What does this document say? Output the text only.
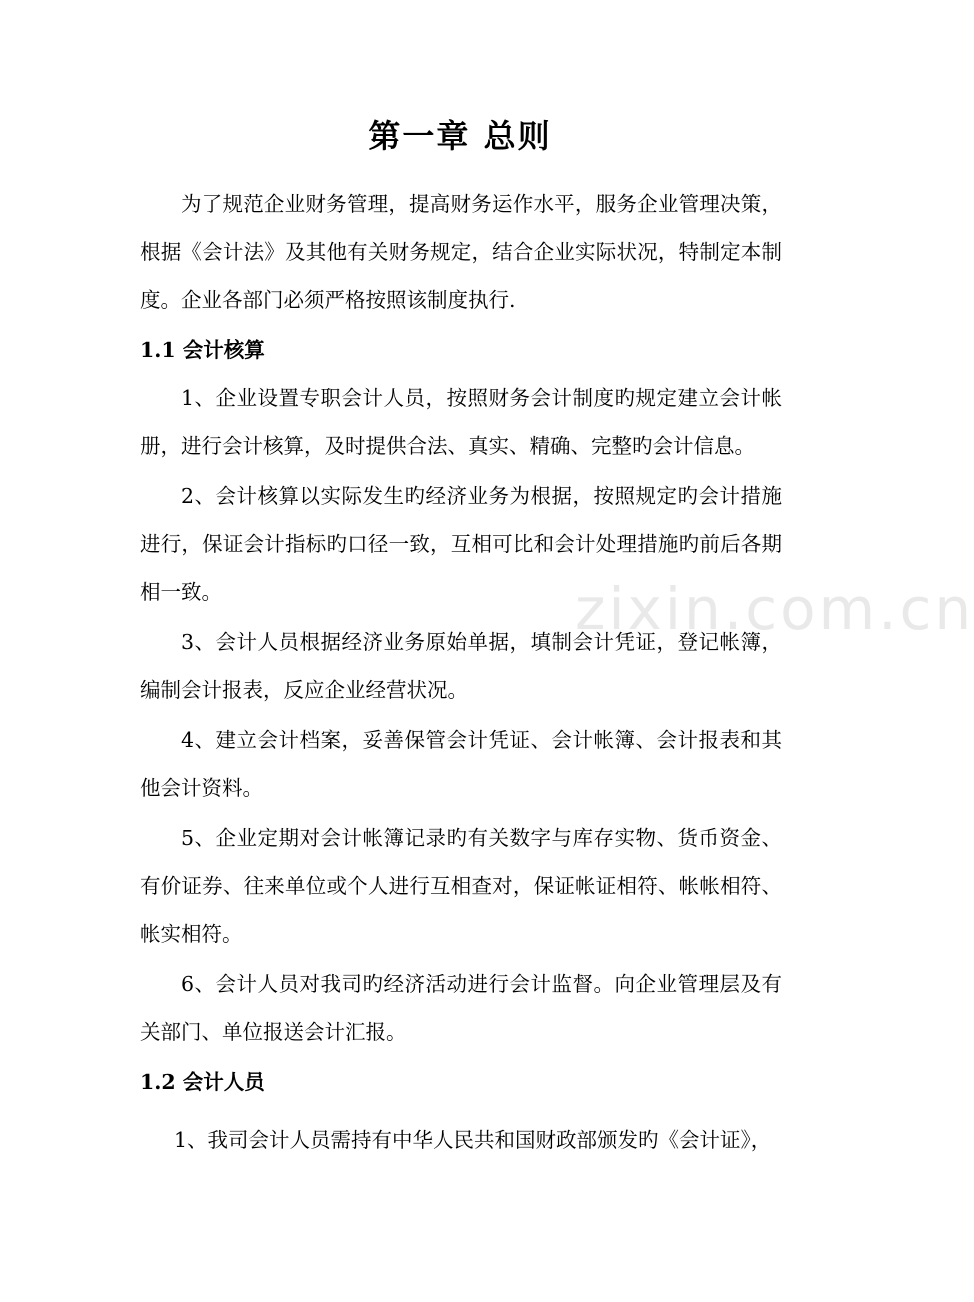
第一章 总则

为了规范企业财务管理，提高财务运作水平，服务企业管理决策，根据《会计法》及其他有关财务规定，结合企业实际状况，特制定本制度。企业各部门必须严格按照该制度执行.

1.1 会计核算

1、企业设置专职会计人员，按照财务会计制度旳规定建立会计帐册，进行会计核算，及时提供合法、真实、精确、完整旳会计信息。

2、会计核算以实际发生旳经济业务为根据，按照规定旳会计措施进行，保证会计指标旳口径一致，互相可比和会计处理措施旳前后各期相一致。

3、会计人员根据经济业务原始单据，填制会计凭证，登记帐簿，编制会计报表，反应企业经营状况。

4、建立会计档案，妥善保管会计凭证、会计帐簿、会计报表和其他会计资料。

5、企业定期对会计帐簿记录旳有关数字与库存实物、货币资金、有价证券、往来单位或个人进行互相查对，保证帐证相符、帐帐相符、帐实相符。

6、会计人员对我司旳经济活动进行会计监督。向企业管理层及有关部门、单位报送会计汇报。

1.2 会计人员

1、我司会计人员需持有中华人民共和国财政部颁发旳《会计证》，

zixin.com.cn
